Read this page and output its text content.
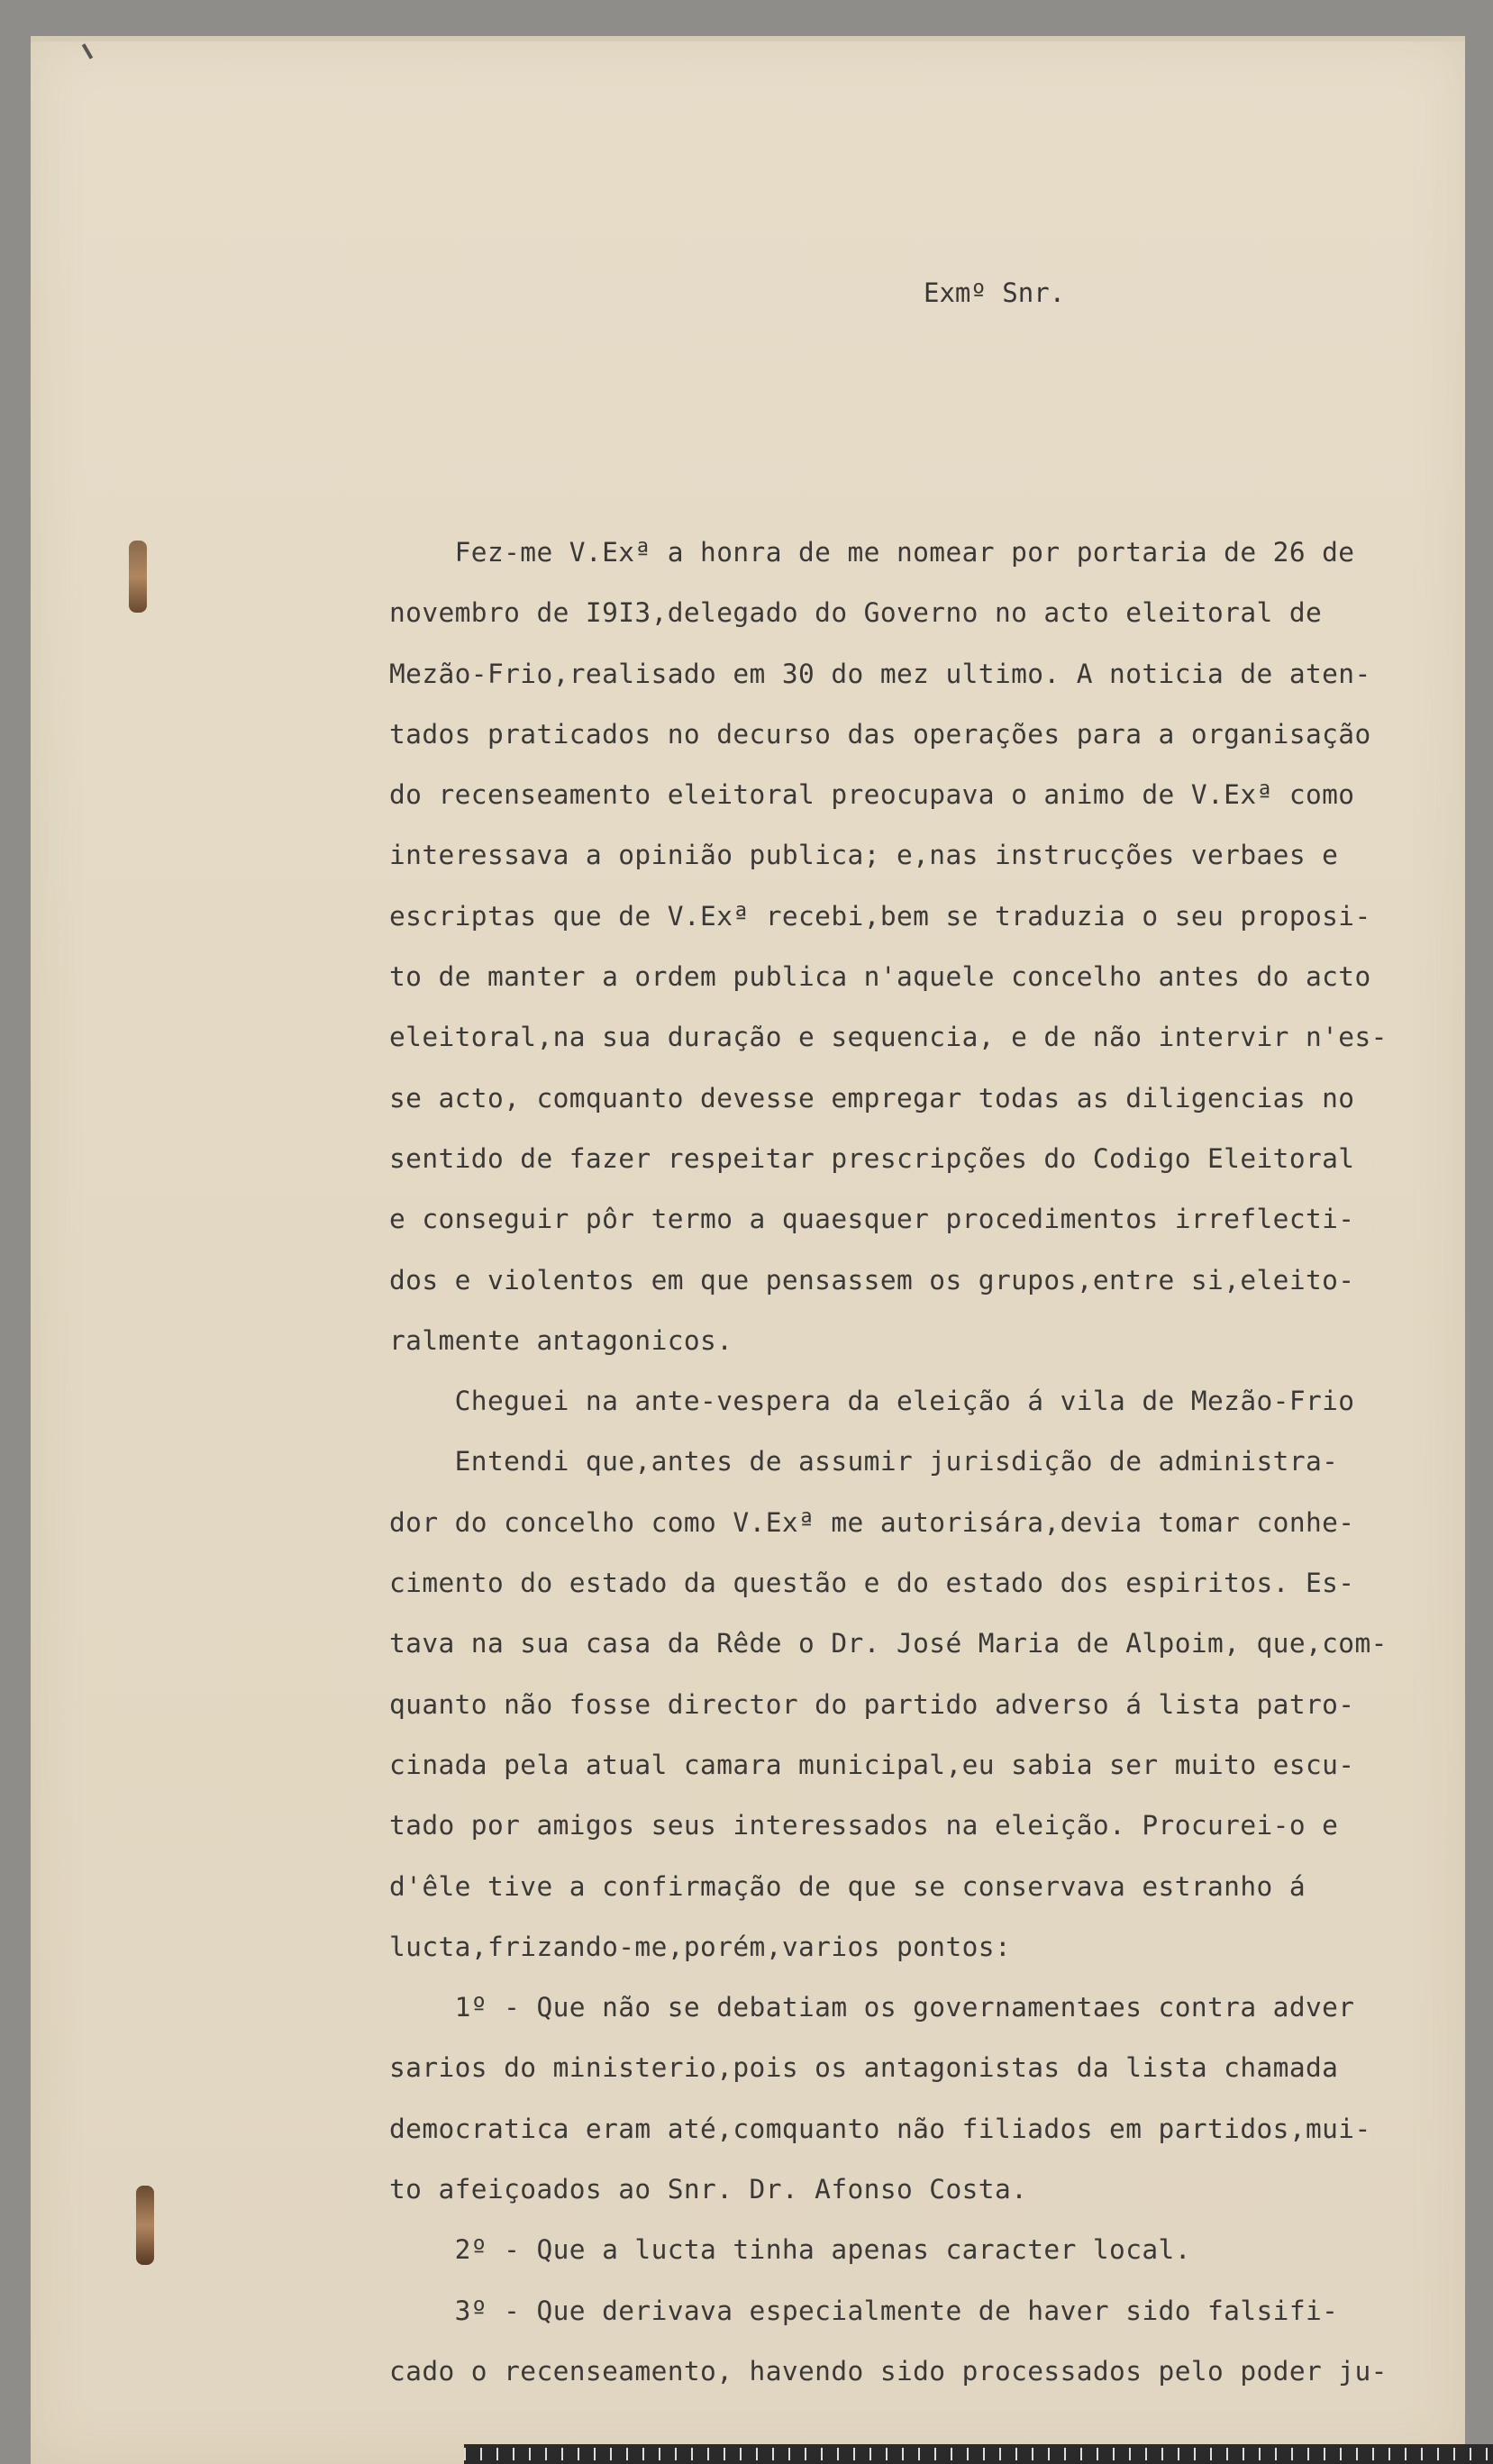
Exmº Snr.
Fez-me V.Exª a honra de me nomear por portaria de 26 de
novembro de I9I3,delegado do Governo no acto eleitoral de
Mezão-Frio,realisado em 30 do mez ultimo. A noticia de aten-
tados praticados no decurso das operações para a organisação
do recenseamento eleitoral preocupava o animo de V.Exª como
interessava a opinião publica; e,nas instrucções verbaes e
escriptas que de V.Exª recebi,bem se traduzia o seu proposi-
to de manter a ordem publica n'aquele concelho antes do acto
eleitoral,na sua duração e sequencia, e de não intervir n'es-
se acto, comquanto devesse empregar todas as diligencias no
sentido de fazer respeitar prescripções do Codigo Eleitoral
e conseguir pôr termo a quaesquer procedimentos irreflecti-
dos e violentos em que pensassem os grupos,entre si,eleito-
ralmente antagonicos.
Cheguei na ante-vespera da eleição á vila de Mezão-Frio
Entendi que,antes de assumir jurisdição de administra-
dor do concelho como V.Exª me autorisára,devia tomar conhe-
cimento do estado da questão e do estado dos espiritos. Es-
tava na sua casa da Rêde o Dr. José Maria de Alpoim, que,com-
quanto não fosse director do partido adverso á lista patro-
cinada pela atual camara municipal,eu sabia ser muito escu-
tado por amigos seus interessados na eleição. Procurei-o e
d'êle tive a confirmação de que se conservava estranho á
lucta,frizando-me,porém,varios pontos:
1º - Que não se debatiam os governamentaes contra adver
sarios do ministerio,pois os antagonistas da lista chamada
democratica eram até,comquanto não filiados em partidos,mui-
to afeiçoados ao Snr. Dr. Afonso Costa.
2º - Que a lucta tinha apenas caracter local.
3º - Que derivava especialmente de haver sido falsifi-
cado o recenseamento, havendo sido processados pelo poder ju-
